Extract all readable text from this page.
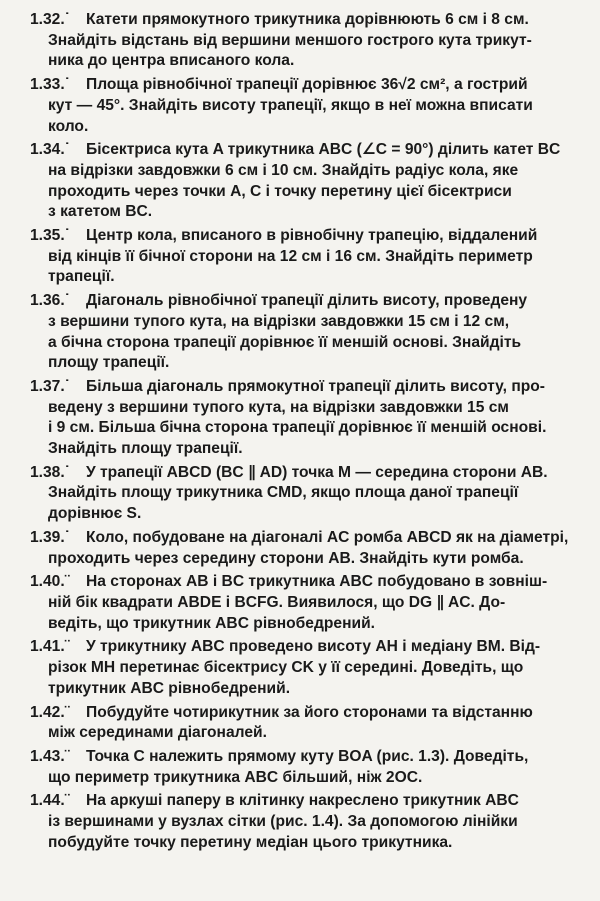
1.32.˙	Катети прямокутного трикутника дорівнюють 6 см і 8 см.
Знайдіть відстань від вершини меншого гострого кута трикут-
ника до центра вписаного кола.
1.33.˙	Площа рівнобічної трапеції дорівнює 36√2 см², а гострий
кут — 45°. Знайдіть висоту трапеції, якщо в неї можна вписати
коло.
1.34.˙	Бісектриса кута A трикутника ABC (∠C = 90°) ділить катет BC
на відрізки завдовжки 6 см і 10 см. Знайдіть радіус кола, яке
проходить через точки A, C і точку перетину цієї бісектриси
з катетом BC.
1.35.˙	Центр кола, вписаного в рівнобічну трапецію, віддалений
від кінців її бічної сторони на 12 см і 16 см. Знайдіть периметр
трапеції.
1.36.˙	Діагональ рівнобічної трапеції ділить висоту, проведену
з вершини тупого кута, на відрізки завдовжки 15 см і 12 см,
а бічна сторона трапеції дорівнює її меншій основі. Знайдіть
площу трапеції.
1.37.˙	Більша діагональ прямокутної трапеції ділить висоту, про-
ведену з вершини тупого кута, на відрізки завдовжки 15 см
і 9 см. Більша бічна сторона трапеції дорівнює її меншій основі.
Знайдіть площу трапеції.
1.38.˙	У трапеції ABCD (BC ∥ AD) точка M — середина сторони AB.
Знайдіть площу трикутника CMD, якщо площа даної трапеції
дорівнює S.
1.39.˙	Коло, побудоване на діагоналі AC ромба ABCD як на діаметрі,
проходить через середину сторони AB. Знайдіть кути ромба.
1.40.¨	На сторонах AB і BC трикутника ABC побудовано в зовніш-
ній бік квадрати ABDE і BCFG. Виявилося, що DG ∥ AC. До-
ведіть, що трикутник ABC рівнобедрений.
1.41.¨	У трикутнику ABC проведено висоту AH і медіану BM. Від-
різок MH перетинає бісектрису CK у її середині. Доведіть, що
трикутник ABC рівнобедрений.
1.42.¨	Побудуйте чотирикутник за його сторонами та відстанню
між серединами діагоналей.
1.43.¨	Точка C належить прямому куту BOA (рис. 1.3). Доведіть,
що периметр трикутника ABC більший, ніж 2OC.
1.44.¨	На аркуші паперу в клітинку накреслено трикутник ABC
із вершинами у вузлах сітки (рис. 1.4). За допомогою лінійки
побудуйте точку перетину медіан цього трикутника.
